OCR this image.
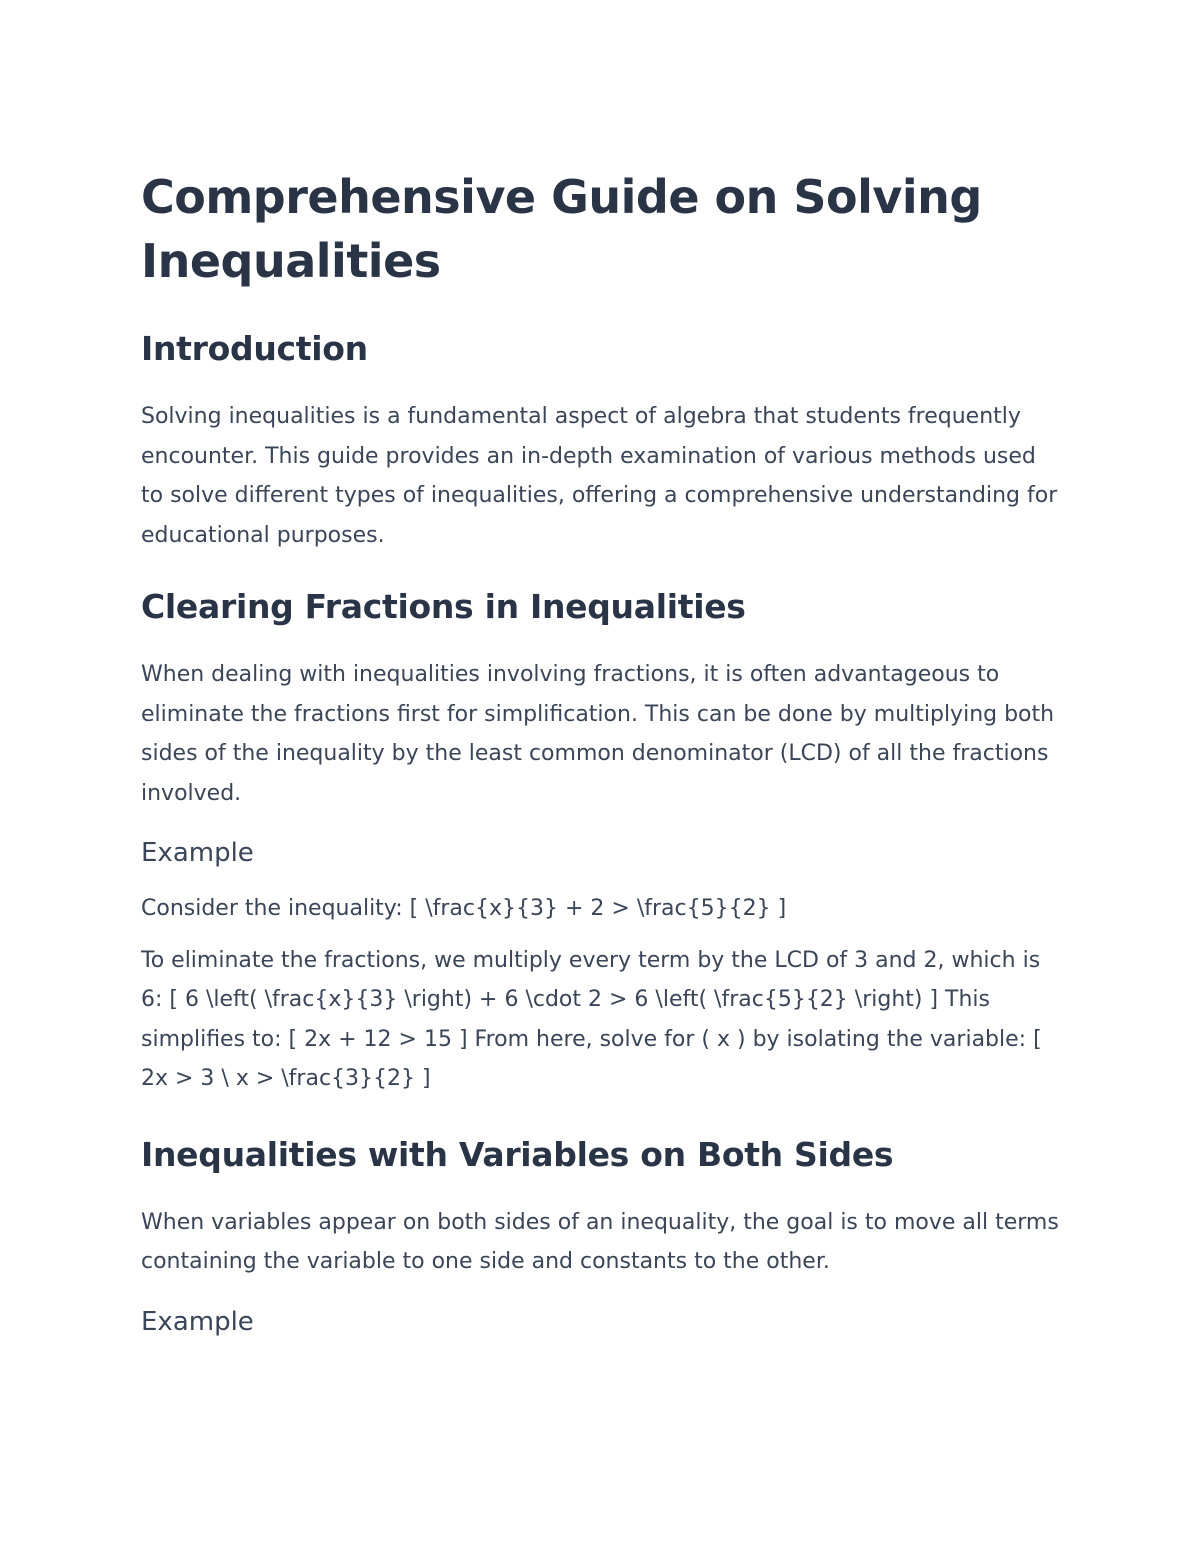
Comprehensive Guide on Solving Inequalities
Introduction

Solving inequalities is a fundamental aspect of algebra that students frequently encounter. This guide provides an in-depth examination of various methods used to solve different types of inequalities, offering a comprehensive understanding for educational purposes.

Clearing Fractions in Inequalities

When dealing with inequalities involving fractions, it is often advantageous to eliminate the fractions first for simplification. This can be done by multiplying both sides of the inequality by the least common denominator (LCD) of all the fractions involved.

Example

Consider the inequality: [ \frac{x}{3} + 2 > \frac{5}{2} ]

To eliminate the fractions, we multiply every term by the LCD of 3 and 2, which is 6: [ 6 \left( \frac{x}{3} \right) + 6 \cdot 2 > 6 \left( \frac{5}{2} \right) ] This simplifies to: [ 2x + 12 > 15 ] From here, solve for ( x ) by isolating the variable: [ 2x > 3 \ x > \frac{3}{2} ]

Inequalities with Variables on Both Sides

When variables appear on both sides of an inequality, the goal is to move all terms containing the variable to one side and constants to the other.

Example
